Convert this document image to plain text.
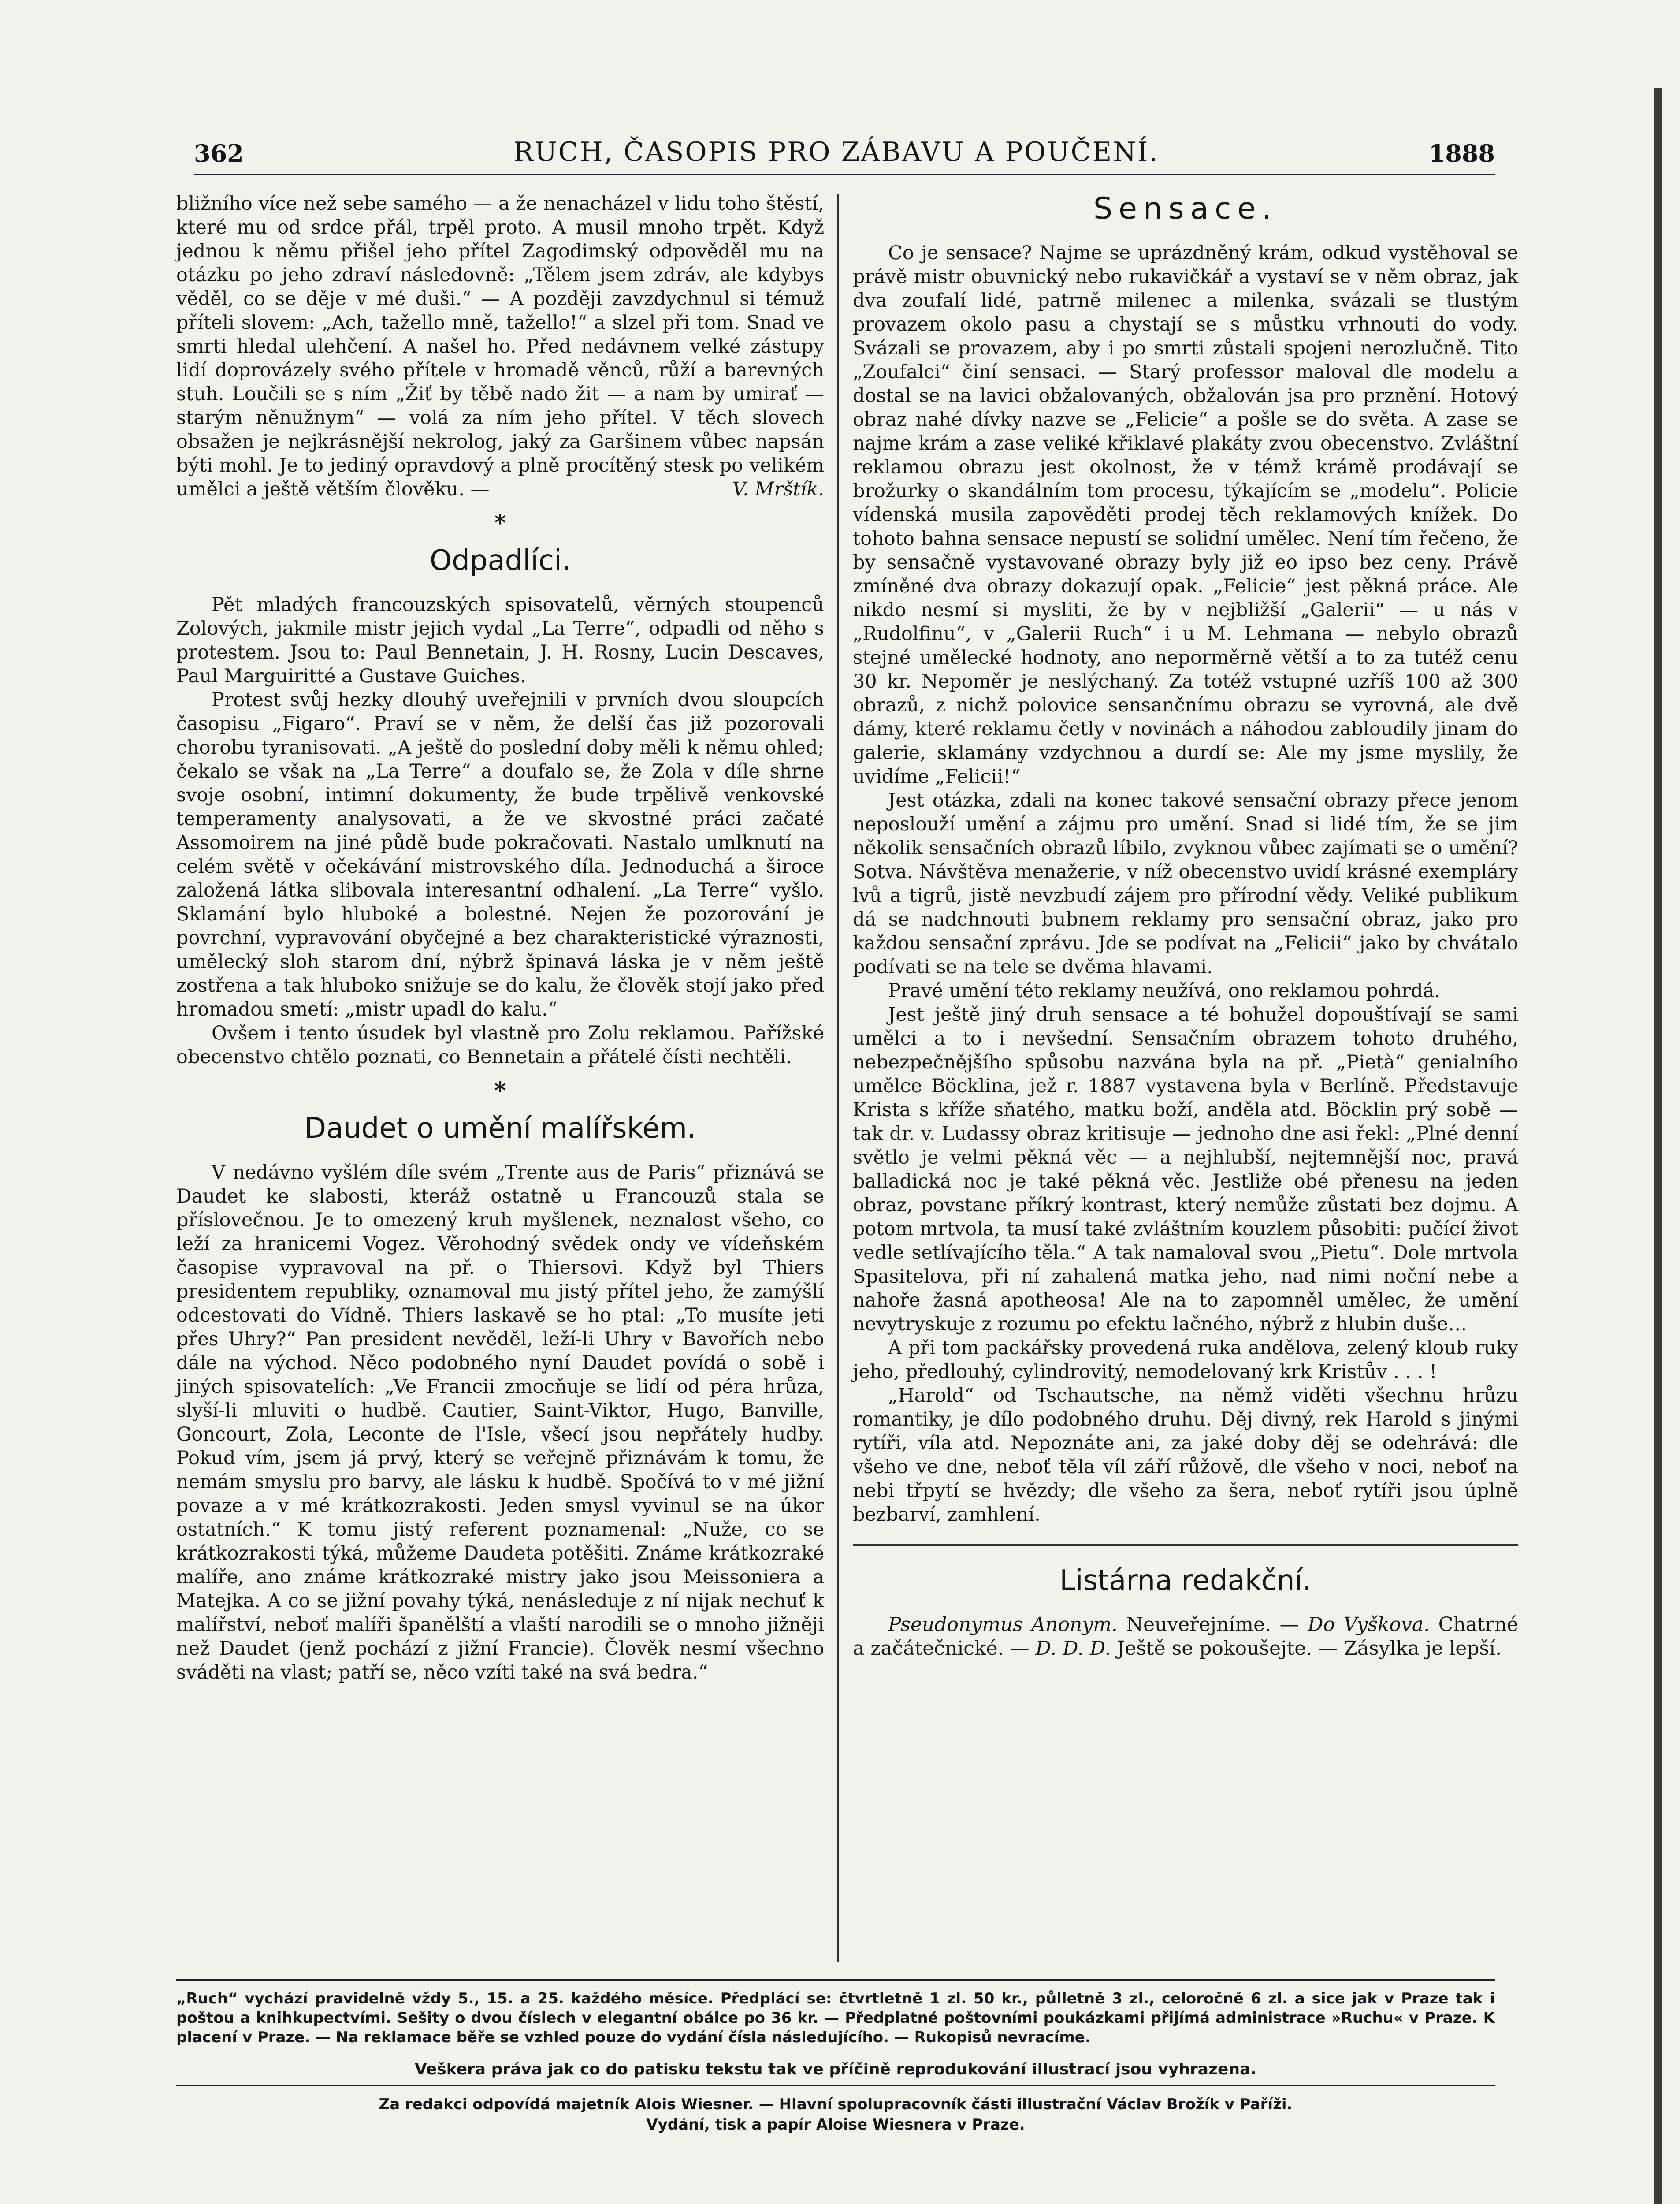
362	RUCH, ČASOPIS PRO ZÁBAVU A POUČENÍ.	1888

bližního více než sebe samého — a že nenacházel v lidu toho štěstí, které mu od srdce přál, trpěl proto. A musil mnoho trpět. Když jednou k němu přišel jeho přítel Zagodimský odpověděl mu na otázku po jeho zdraví následovně: „Tělem jsem zdráv, ale kdybys věděl, co se děje v mé duši.“ — A později zavzdychnul si témuž příteli slovem: „Ach, tažello mně, tažello!“ a slzel při tom. Snad ve smrti hledal ulehčení. A našel ho. Před nedávnem velké zástupy lidí doprovázely svého přítele v hromadě věnců, růží a barevných stuh. Loučili se s ním „Žiť by těbě nado žit — a nam by umirať — starým něnužnym“ — volá za ním jeho přítel. V těch slovech obsažen je nejkrásnější nekrolog, jaký za Garšinem vůbec napsán býti mohl. Je to jediný opravdový a plně procítěný stesk po velikém umělci a ještě větším člověku. —	V. Mrštík.
*
Odpadlíci.

Pět mladých francouzských spisovatelů, věrných stoupenců Zolových, jakmile mistr jejich vydal „La Terre“, odpadli od něho s protestem. Jsou to: Paul Bennetain, J. H. Rosny, Lucin Descaves, Paul Marguiritté a Gustave Guiches.

Protest svůj hezky dlouhý uveřejnili v prvních dvou sloupcích časopisu „Figaro“. Praví se v něm, že delší čas již pozorovali chorobu tyranisovati. „A ještě do poslední doby měli k němu ohled; čekalo se však na „La Terre“ a doufalo se, že Zola v díle shrne svoje osobní, intimní dokumenty, že bude trpělivě venkovské temperamenty analysovati, a že ve skvostné práci začaté Assomoirem na jiné půdě bude pokračovati. Nastalo umlknutí na celém světě v očekávání mistrovského díla. Jednoduchá a široce založená látka slibovala interesantní odhalení. „La Terre“ vyšlo. Sklamání bylo hluboké a bolestné. Nejen že pozorování je povrchní, vypravování obyčejné a bez charakteristické výraznosti, umělecký sloh starom dní, nýbrž špinavá láska je v něm ještě zostřena a tak hluboko snižuje se do kalu, že člověk stojí jako před hromadou smetí: „mistr upadl do kalu.“

Ovšem i tento úsudek byl vlastně pro Zolu reklamou. Pařížské obecenstvo chtělo poznati, co Bennetain a přátelé čísti nechtěli.

*
Daudet o umění malířském.

V nedávno vyšlém díle svém „Trente aus de Paris“ přiznává se Daudet ke slabosti, kteráž ostatně u Francouzů stala se příslovečnou. Je to omezený kruh myšlenek, neznalost všeho, co leží za hranicemi Vogez. Věrohodný svědek ondy ve vídeňském časopise vypravoval na př. o Thiersovi. Když byl Thiers presidentem republiky, oznamoval mu jistý přítel jeho, že zamýšlí odcestovati do Vídně. Thiers laskavě se ho ptal: „To musíte jeti přes Uhry?“ Pan president nevěděl, leží-li Uhry v Bavořích nebo dále na východ. Něco podobného nyní Daudet povídá o sobě i jiných spisovatelích: „Ve Francii zmocňuje se lidí od péra hrůza, slyší-li mluviti o hudbě. Cautier, Saint-Viktor, Hugo, Banville, Goncourt, Zola, Leconte de l'Isle, všecí jsou nepřátely hudby. Pokud vím, jsem já prvý, který se veřejně přiznávám k tomu, že nemám smyslu pro barvy, ale lásku k hudbě. Spočívá to v mé jižní povaze a v mé krátkozrakosti. Jeden smysl vyvinul se na úkor ostatních.“ K tomu jistý referent poznamenal: „Nuže, co se krátkozrakosti týká, můžeme Daudeta potěšiti. Známe krátkozraké malíře, ano známe krátkozraké mistry jako jsou Meissoniera a Matejka. A co se jižní povahy týká, nenásleduje z ní nijak nechuť k malířství, neboť malíři španělští a vlaští narodili se o mnoho jižněji než Daudet (jenž pochází z jižní Francie). Člověk nesmí všechno sváděti na vlast; patří se, něco vzíti také na svá bedra.“

Sensace.

Co je sensace? Najme se uprázdněný krám, odkud vystěhoval se právě mistr obuvnický nebo rukavičkář a vystaví se v něm obraz, jak dva zoufalí lidé, patrně milenec a milenka, svázali se tlustým provazem okolo pasu a chystají se s můstku vrhnouti do vody. Svázali se provazem, aby i po smrti zůstali spojeni nerozlučně. Tito „Zoufalci“ činí sensaci. — Starý professor maloval dle modelu a dostal se na lavici obžalovaných, obžalován jsa pro prznění. Hotový obraz nahé dívky nazve se „Felicie“ a pošle se do světa. A zase se najme krám a zase veliké křiklavé plakáty zvou obecenstvo. Zvláštní reklamou obrazu jest okolnost, že v témž krámě prodávají se brožurky o skandálním tom procesu, týkajícím se „modelu“. Policie vídenská musila zapověděti prodej těch reklamových knížek. Do tohoto bahna sensace nepustí se solidní umělec. Není tím řečeno, že by sensačně vystavované obrazy byly již eo ipso bez ceny. Právě zmíněné dva obrazy dokazují opak. „Felicie“ jest pěkná práce. Ale nikdo nesmí si mysliti, že by v nejbližší „Galerii“ — u nás v „Rudolfinu“, v „Galerii Ruch“ i u M. Lehmana — nebylo obrazů stejné umělecké hodnoty, ano neporměrně větší a to za tutéž cenu 30 kr. Nepoměr je neslýchaný. Za totéž vstupné uzříš 100 až 300 obrazů, z nichž polovice sensančnímu obrazu se vyrovná, ale dvě dámy, které reklamu četly v novinách a náhodou zabloudily jinam do galerie, sklamány vzdychnou a durdí se: Ale my jsme myslily, že uvidíme „Felicii!“

Jest otázka, zdali na konec takové sensační obrazy přece jenom neposlouží umění a zájmu pro umění. Snad si lidé tím, že se jim několik sensačních obrazů líbilo, zvyknou vůbec zajímati se o umění? Sotva. Návštěva menažerie, v níž obecenstvo uvidí krásné exempláry lvů a tigrů, jistě nevzbudí zájem pro přírodní vědy. Veliké publikum dá se nadchnouti bubnem reklamy pro sensační obraz, jako pro každou sensační zprávu. Jde se podívat na „Felicii“ jako by chvátalo podívati se na tele se dvěma hlavami.

Pravé umění této reklamy neužívá, ono reklamou pohrdá.

Jest ještě jiný druh sensace a té bohužel dopouštívají se sami umělci a to i nevšední. Sensačním obrazem tohoto druhého, nebezpečnějšího spůsobu nazvána byla na př. „Pietà“ genialního umělce Böcklina, jež r. 1887 vystavena byla v Berlíně. Představuje Krista s kříže sňatého, matku boží, anděla atd. Böcklin prý sobě — tak dr. v. Ludassy obraz kritisuje — jednoho dne asi řekl: „Plné denní světlo je velmi pěkná věc — a nejhlubší, nejtemnější noc, pravá balladická noc je také pěkná věc. Jestliže obé přenesu na jeden obraz, povstane příkrý kontrast, který nemůže zůstati bez dojmu. A potom mrtvola, ta musí také zvláštním kouzlem působiti: pučící život vedle setlívajícího těla.“ A tak namaloval svou „Pietu“. Dole mrtvola Spasitelova, při ní zahalená matka jeho, nad nimi noční nebe a nahoře žasná apotheosa! Ale na to zapomněl umělec, že umění nevytryskuje z rozumu po efektu lačného, nýbrž z hlubin duše…

A při tom packářsky provedená ruka andělova, zelený kloub ruky jeho, předlouhý, cylindrovitý, nemodelovaný krk Kristův . . . !

„Harold“ od Tschautsche, na němž viděti všechnu hrůzu romantiky, je dílo podobného druhu. Děj divný, rek Harold s jinými rytíři, víla atd. Nepoznáte ani, za jaké doby děj se odehrává: dle všeho ve dne, neboť těla víl září růžově, dle všeho v noci, neboť na nebi třpytí se hvězdy; dle všeho za šera, neboť rytíři jsou úplně bezbarví, zamhlení.

Listárna redakční.

Pseudonymus Anonym. Neuveřejníme. — Do Vyškova. Chatrné a začátečnické. — D. D. D. Ještě se pokoušejte. — Zásylka je lepší.

„Ruch“ vychází pravidelně vždy 5., 15. a 25. každého měsíce. Předplácí se: čtvrtletně 1 zl. 50 kr., půlletně 3 zl., celoročně 6 zl. a sice jak v Praze tak i poštou a knihkupectvími. Sešity o dvou číslech v elegantní obálce po 36 kr. — Předplatné poštovními poukázkami přijímá administrace »Ruchu« v Praze. K placení v Praze. — Na reklamace běře se vzhled pouze do vydání čísla následujícího. — Rukopisů nevracíme.
Veškera práva jak co do patisku tekstu tak ve příčině reprodukování illustrací jsou vyhrazena.
Za redakci odpovídá majetník Alois Wiesner. — Hlavní spolupracovník části illustrační Václav Brožík v Paříži.
Vydání, tisk a papír Aloise Wiesnera v Praze.
